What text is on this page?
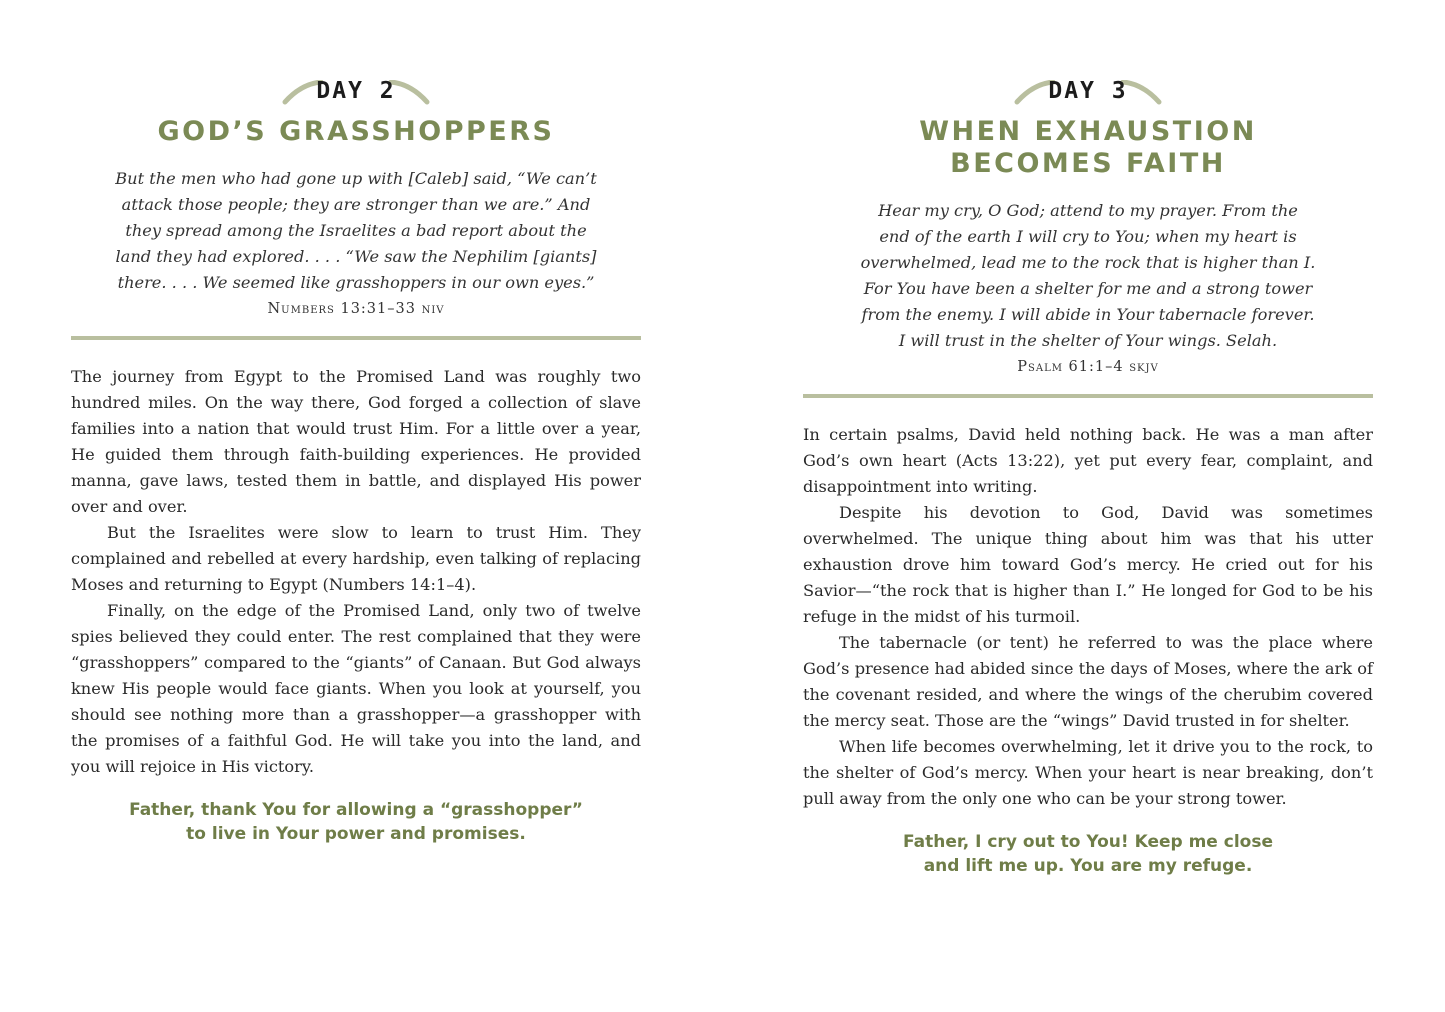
DAY 2
GOD’S GRASSHOPPERS
But the men who had gone up with [Caleb] said, “We can’t
attack those people; they are stronger than we are.” And
they spread among the Israelites a bad report about the
land they had explored. . . . “We saw the Nephilim [giants]
there. . . . We seemed like grasshoppers in our own eyes.”
Numbers 13:31–33 niv

The journey from Egypt to the Promised Land was roughly two hundred miles. On the way there, God forged a collection of slave families into a nation that would trust Him. For a little over a year, He guided them through faith-building experiences. He provided manna, gave laws, tested them in battle, and displayed His power over and over.

But the Israelites were slow to learn to trust Him. They complained and rebelled at every hardship, even talking of replacing Moses and returning to Egypt (Numbers 14:1–4).

Finally, on the edge of the Promised Land, only two of twelve spies believed they could enter. The rest complained that they were “grasshoppers” compared to the “giants” of Canaan. But God always knew His people would face giants. When you look at yourself, you should see nothing more than a grasshopper—a grasshopper with the promises of a faithful God. He will take you into the land, and you will rejoice in His victory.

Father, thank You for allowing a “grasshopper”
to live in Your power and promises.
DAY 3
WHEN EXHAUSTION
BECOMES FAITH
Hear my cry, O God; attend to my prayer. From the
end of the earth I will cry to You; when my heart is
overwhelmed, lead me to the rock that is higher than I.
For You have been a shelter for me and a strong tower
from the enemy. I will abide in Your tabernacle forever.
I will trust in the shelter of Your wings. Selah.
Psalm 61:1–4 skjv

In certain psalms, David held nothing back. He was a man after God’s own heart (Acts 13:22), yet put every fear, complaint, and disappointment into writing.

Despite his devotion to God, David was sometimes overwhelmed. The unique thing about him was that his utter exhaustion drove him toward God’s mercy. He cried out for his Savior—“the rock that is higher than I.” He longed for God to be his refuge in the midst of his turmoil.

The tabernacle (or tent) he referred to was the place where God’s presence had abided since the days of Moses, where the ark of the covenant resided, and where the wings of the cherubim covered the mercy seat. Those are the “wings” David trusted in for shelter.

When life becomes overwhelming, let it drive you to the rock, to the shelter of God’s mercy. When your heart is near breaking, don’t pull away from the only one who can be your strong tower.

Father, I cry out to You! Keep me close
and lift me up. You are my refuge.
